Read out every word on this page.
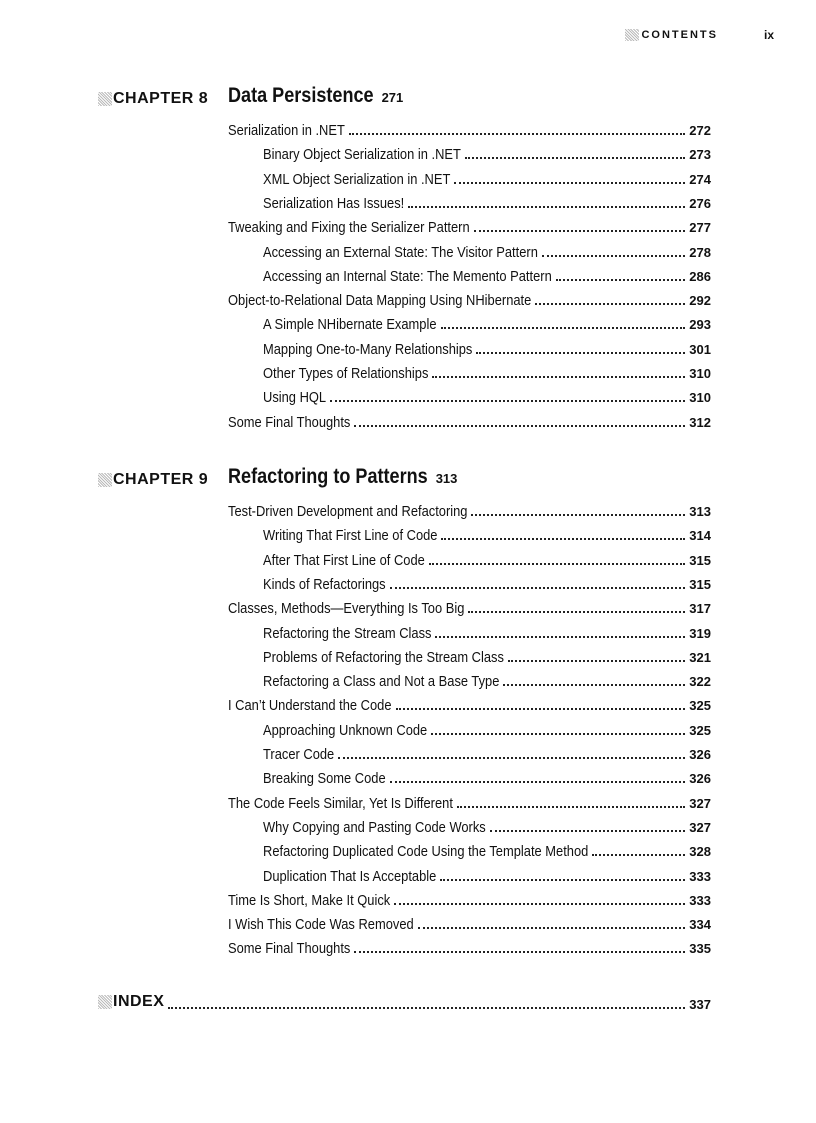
CONTENTS	ix
CHAPTER 8 Data Persistence 271
Serialization in .NET	272
Binary Object Serialization in .NET	273
XML Object Serialization in .NET	274
Serialization Has Issues!	276
Tweaking and Fixing the Serializer Pattern	277
Accessing an External State: The Visitor Pattern	278
Accessing an Internal State: The Memento Pattern	286
Object-to-Relational Data Mapping Using NHibernate	292
A Simple NHibernate Example	293
Mapping One-to-Many Relationships	301
Other Types of Relationships	310
Using HQL	310
Some Final Thoughts	312
CHAPTER 9 Refactoring to Patterns 313
Test-Driven Development and Refactoring	313
Writing That First Line of Code	314
After That First Line of Code	315
Kinds of Refactorings	315
Classes, Methods—Everything Is Too Big	317
Refactoring the Stream Class	319
Problems of Refactoring the Stream Class	321
Refactoring a Class and Not a Base Type	322
I Can’t Understand the Code	325
Approaching Unknown Code	325
Tracer Code	326
Breaking Some Code	326
The Code Feels Similar, Yet Is Different	327
Why Copying and Pasting Code Works	327
Refactoring Duplicated Code Using the Template Method	328
Duplication That Is Acceptable	333
Time Is Short, Make It Quick	333
I Wish This Code Was Removed	334
Some Final Thoughts	335
INDEX	337
